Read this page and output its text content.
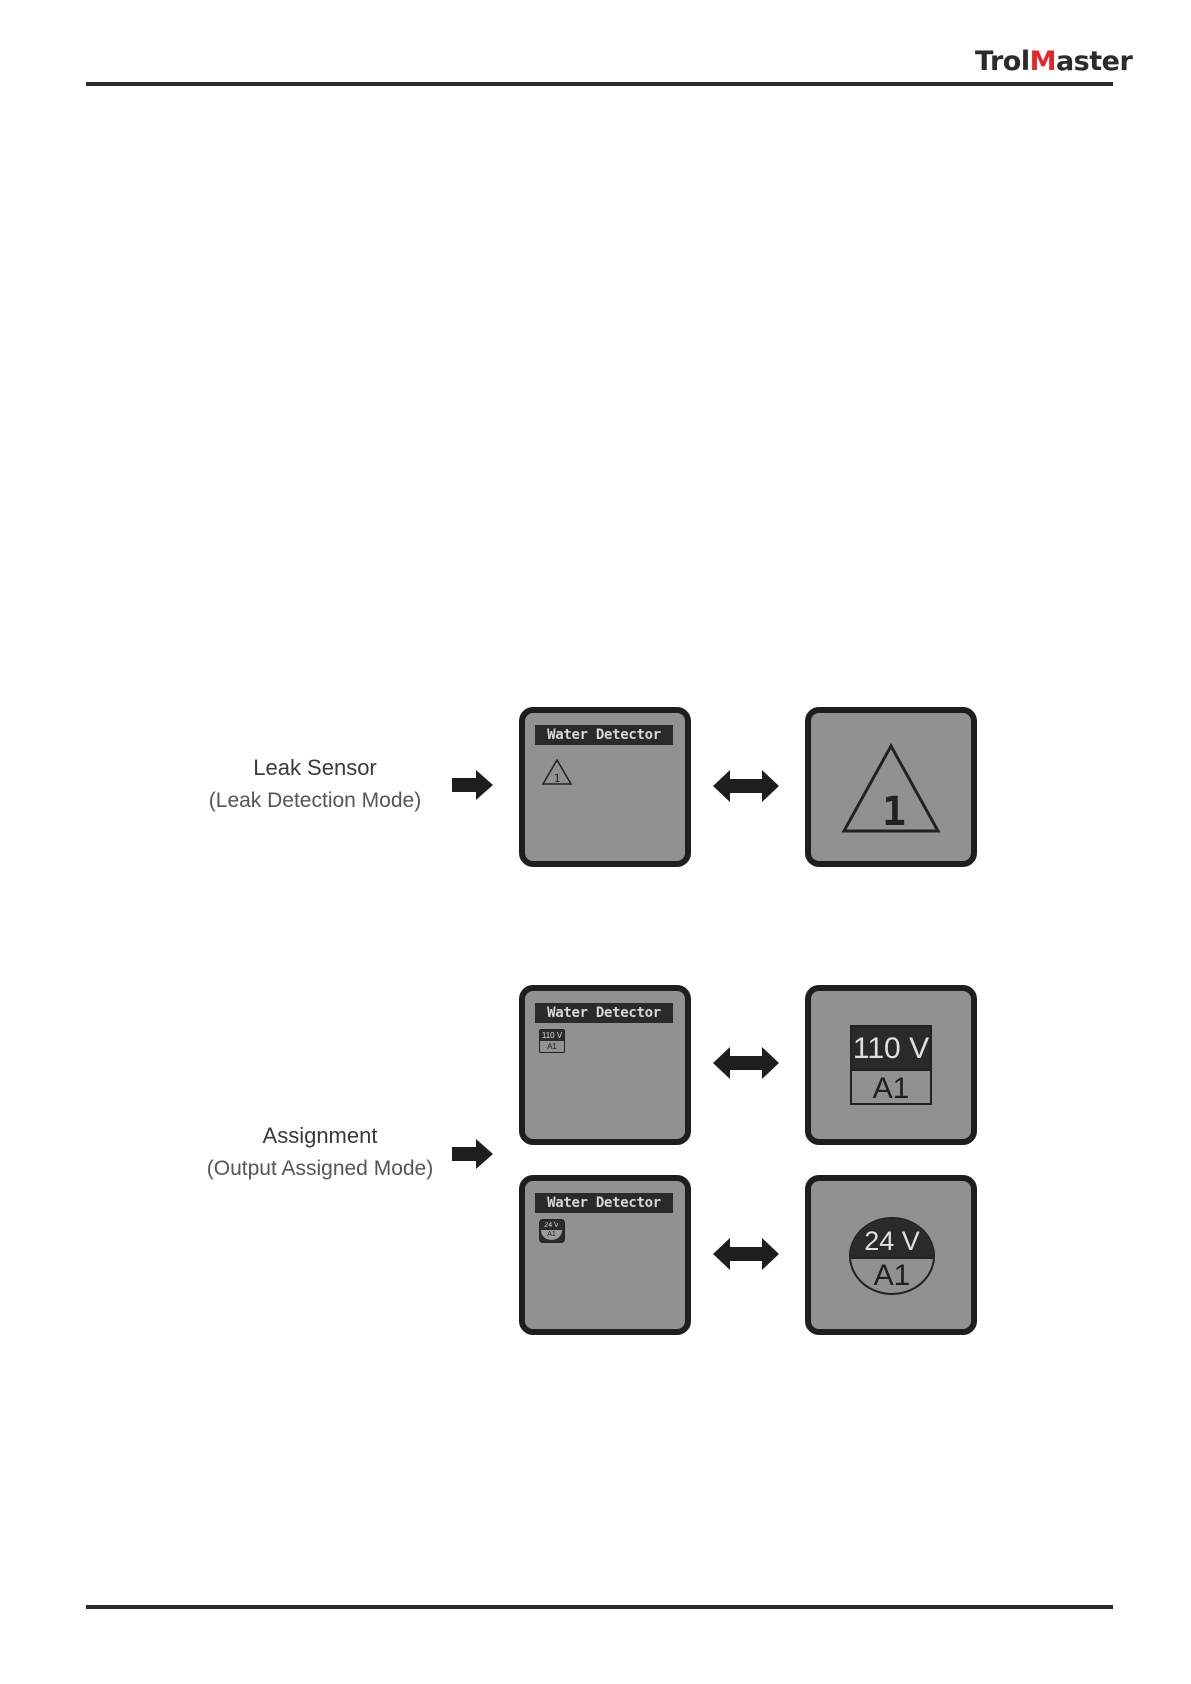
TrolMaster
Leak Sensor
(Leak Detection Mode)
Water Detector
1
1
Assignment
(Output Assigned Mode)
Water Detector
110 V
A1	110 V
A1
Water Detector
24 V
A1	24 V
A1
